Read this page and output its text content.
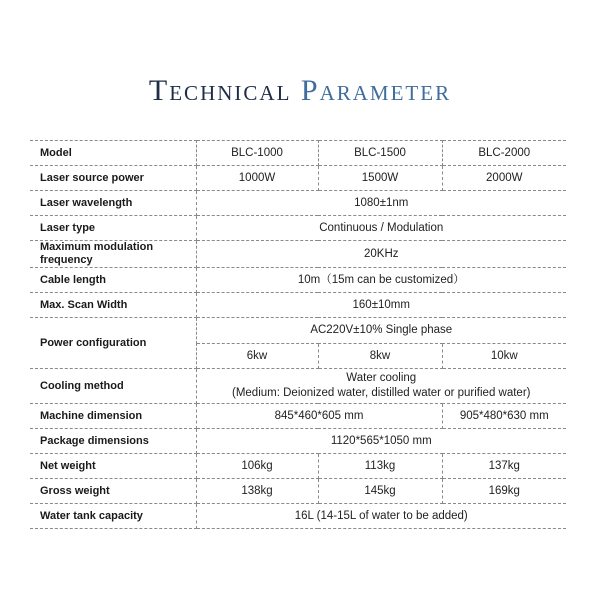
Technical Parameter
Model	BLC-1000	BLC-1500	BLC-2000
Laser source power	1000W	1500W	2000W
Laser wavelength	1080±1nm		
Laser type	Continuous / Modulation		
Maximum modulation frequency	20KHz		
Cable length	10m（15m can be customized）		
Max. Scan Width	160±10mm		
Power configuration	AC220V±10% Single phase		
	6kw	8kw	10kw
Cooling method	Water cooling
(Medium: Deionized water, distilled water or purified water)		

Machine dimension	845*460*605 mm		905*480*630 mm
Package dimensions	1120*565*1050 mm		
Net weight	106kg	113kg	137kg
Gross weight	138kg	145kg	169kg
Water tank capacity	16L (14-15L of water to be added)		
